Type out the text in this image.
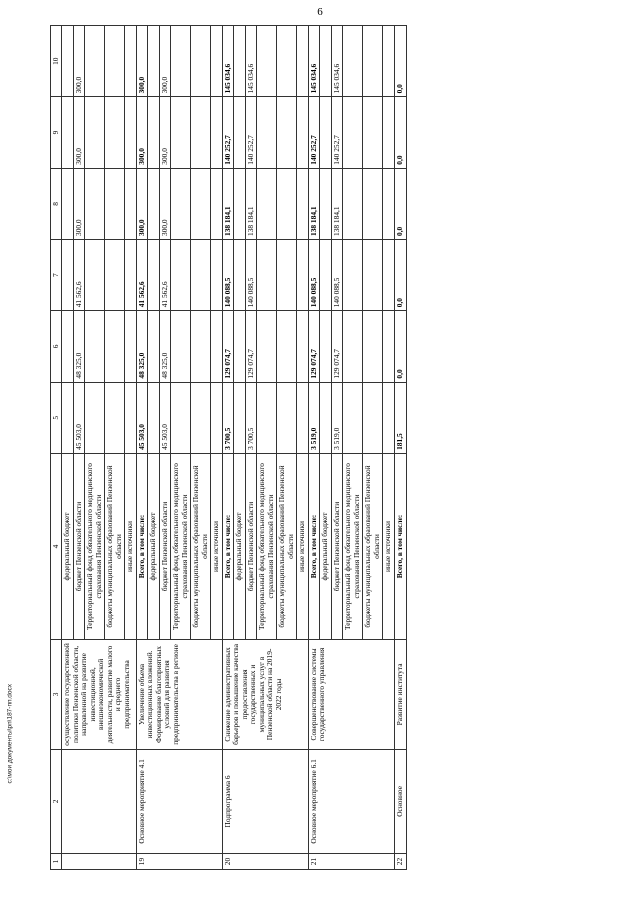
6
1	2	3	4	5	6	7	8	9	10
		осуществление государственной политики Пензенской области, направленной на развитие инвестиционной, внешнеэкономической деятельности, развитие малого и среднего предпринимательства	федеральный бюджет						
			бюджет Пензенской области	45 503,0	48 325,0	41 562,6	300,0	300,0	300,0
			Территориальный фонд обязательного медицинского страхования Пензенской области						
			бюджеты муниципальных образований Пензенской области						
			иные источники						
19	Основное мероприятие 4.1	Увеличение объема инвестиционных вложений. Формирование благоприятных условий для развития предпринимательства в регионе	Всего, в том числе:	45 503,0	48 325,0	41 562,6	300,0	300,0	300,0
			федеральный бюджет						
			бюджет Пензенской области	45 503,0	48 325,0	41 562,6	300,0	300,0	300,0
			Территориальный фонд обязательного медицинского страхования Пензенской области						
			бюджеты муниципальных образований Пензенской области						
			иные источники						
20	Подпрограмма 6	Снижение административных барьеров и повышение качества предоставления государственных и муниципальных услуг в Пензенской области на 2019-2022 годы	Всего, в том числе:	3 700,5	129 074,7	140 088,5	138 184,1	140 252,7	145 034,6
			федеральный бюджет						
			бюджет Пензенской области	3 700,5	129 074,7	140 088,5	138 184,1	140 252,7	145 034,6
			Территориальный фонд обязательного медицинского страхования Пензенской области						
			бюджеты муниципальных образований Пензенской области						
			иные источники						
21	Основное мероприятие 6.1	Совершенствование системы государственного управления	Всего, в том числе:	3 519,0	129 074,7	140 088,5	138 184,1	140 252,7	145 034,6
			федеральный бюджет						
			бюджет Пензенской области	3 519,0	129 074,7	140 088,5	138 184,1	140 252,7	145 034,6
			Территориальный фонд обязательного медицинского страхования Пензенской области						
			бюджеты муниципальных образований Пензенской области						
			иные источники						
22	Основное	Развитие института	Всего, в том числе:	181,5	0,0	0,0	0,0	0,0	0,0
c:\мои документы\рп\187-пп.docx
